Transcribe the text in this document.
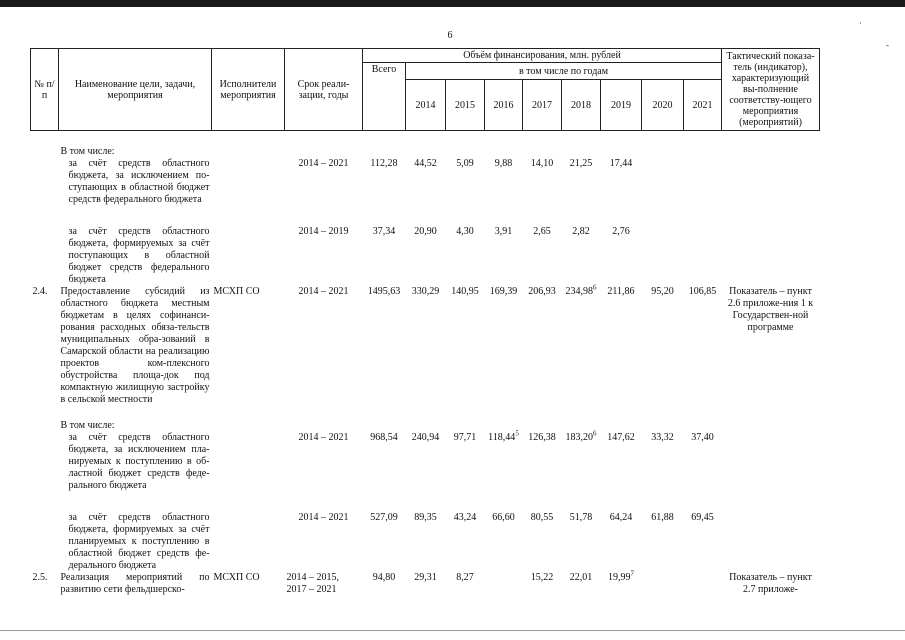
6
·
-
№ п/п	Наименование цели, задачи, мероприятия	Исполнители мероприятия	Срок реали-зации, годы	Объём финансирования, млн. рублей									Тактический показа-тель (индикатор), характеризующий вы-полнение соответству-ющего мероприятия (мероприятий)
				Всего	в том числе по годам								
					2014	2015	2016	2017	2018	2019	2020	2021	
	В том числе:												
	за счёт средств областного бюджета, за исключением по-ступающих в областной бюджет средств федерального бюджета		2014 – 2021	112,28	44,52	5,09	9,88	14,10	21,25	17,44			
	за счёт средств областного бюджета, формируемых за счёт поступающих в областной бюджет средств федерального бюджета		2014 – 2019	37,34	20,90	4,30	3,91	2,65	2,82	2,76			
2.4.	Предоставление субсидий из областного бюджета местным бюджетам в целях софинанси-рования расходных обяза-тельств муниципальных обра-зований в Самарской области на реализацию проектов ком-плексного обустройства площа-док под компактную жилищную застройку в сельской местности	МСХП СО	2014 – 2021	1495,63	330,29	140,95	169,39	206,93	234,98$^6$	211,86	95,20	106,85	Показатель – пункт 2.6 приложе-ния 1 к Государствен-ной программе
	В том числе:												
	за счёт средств областного бюджета, за исключением пла-нируемых к поступлению в об-ластной бюджет средств феде-рального бюджета		2014 – 2021	968,54	240,94	97,71	118,44$^5$	126,38	183,20$^6$	147,62	33,32	37,40	
	за счёт средств областного бюджета, формируемых за счёт планируемых к поступлению в областной бюджет средств фе-дерального бюджета		2014 – 2021	527,09	89,35	43,24	66,60	80,55	51,78	64,24	61,88	69,45	
2.5.	Реализация мероприятий по развитию сети фельдшерско-	МСХП СО	2014 – 2015, 2017 – 2021	94,80	29,31	8,27		15,22	22,01	19,99$^7$			Показатель – пункт 2.7 приложе-
